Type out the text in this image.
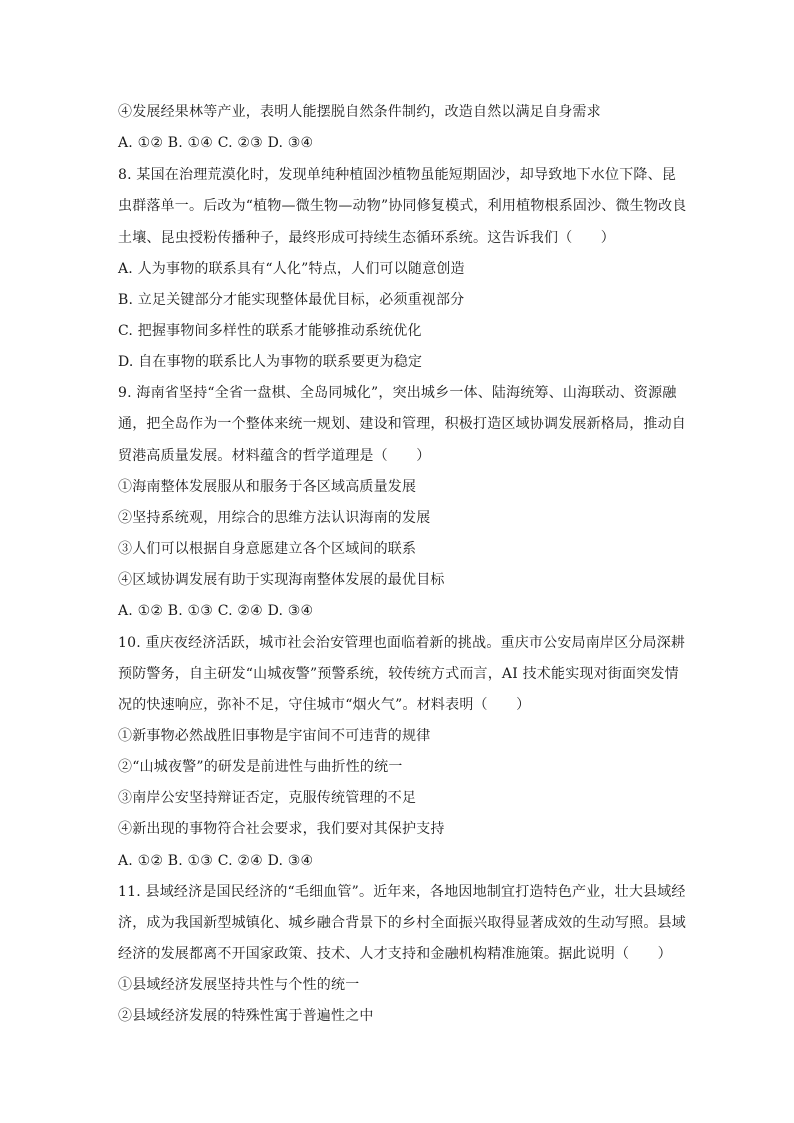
④发展经果林等产业，表明人能摆脱自然条件制约，改造自然以满足自身需求
A. ①② B. ①④ C. ②③ D. ③④
8. 某国在治理荒漠化时，发现单纯种植固沙植物虽能短期固沙，却导致地下水位下降、昆
虫群落单一。后改为“植物—微生物—动物”协同修复模式，利用植物根系固沙、微生物改良
土壤、昆虫授粉传播种子，最终形成可持续生态循环系统。这告诉我们（　　）
A. 人为事物的联系具有“人化”特点，人们可以随意创造
B. 立足关键部分才能实现整体最优目标，必须重视部分
C. 把握事物间多样性的联系才能够推动系统优化
D. 自在事物的联系比人为事物的联系要更为稳定
9. 海南省坚持“全省一盘棋、全岛同城化”，突出城乡一体、陆海统筹、山海联动、资源融
通，把全岛作为一个整体来统一规划、建设和管理，积极打造区域协调发展新格局，推动自
贸港高质量发展。材料蕴含的哲学道理是（　　）
①海南整体发展服从和服务于各区域高质量发展
②坚持系统观，用综合的思维方法认识海南的发展
③人们可以根据自身意愿建立各个区域间的联系
④区域协调发展有助于实现海南整体发展的最优目标
A. ①② B. ①③ C. ②④ D. ③④
10. 重庆夜经济活跃，城市社会治安管理也面临着新的挑战。重庆市公安局南岸区分局深耕
预防警务，自主研发“山城夜警”预警系统，较传统方式而言，AI 技术能实现对街面突发情
况的快速响应，弥补不足，守住城市“烟火气”。材料表明（　　）
①新事物必然战胜旧事物是宇宙间不可违背的规律
②“山城夜警”的研发是前进性与曲折性的统一
③南岸公安坚持辩证否定，克服传统管理的不足
④新出现的事物符合社会要求，我们要对其保护支持
A. ①② B. ①③ C. ②④ D. ③④
11. 县域经济是国民经济的“毛细血管”。近年来，各地因地制宜打造特色产业，壮大县域经
济，成为我国新型城镇化、城乡融合背景下的乡村全面振兴取得显著成效的生动写照。县域
经济的发展都离不开国家政策、技术、人才支持和金融机构精准施策。据此说明（　　）
①县域经济发展坚持共性与个性的统一
②县域经济发展的特殊性寓于普遍性之中
